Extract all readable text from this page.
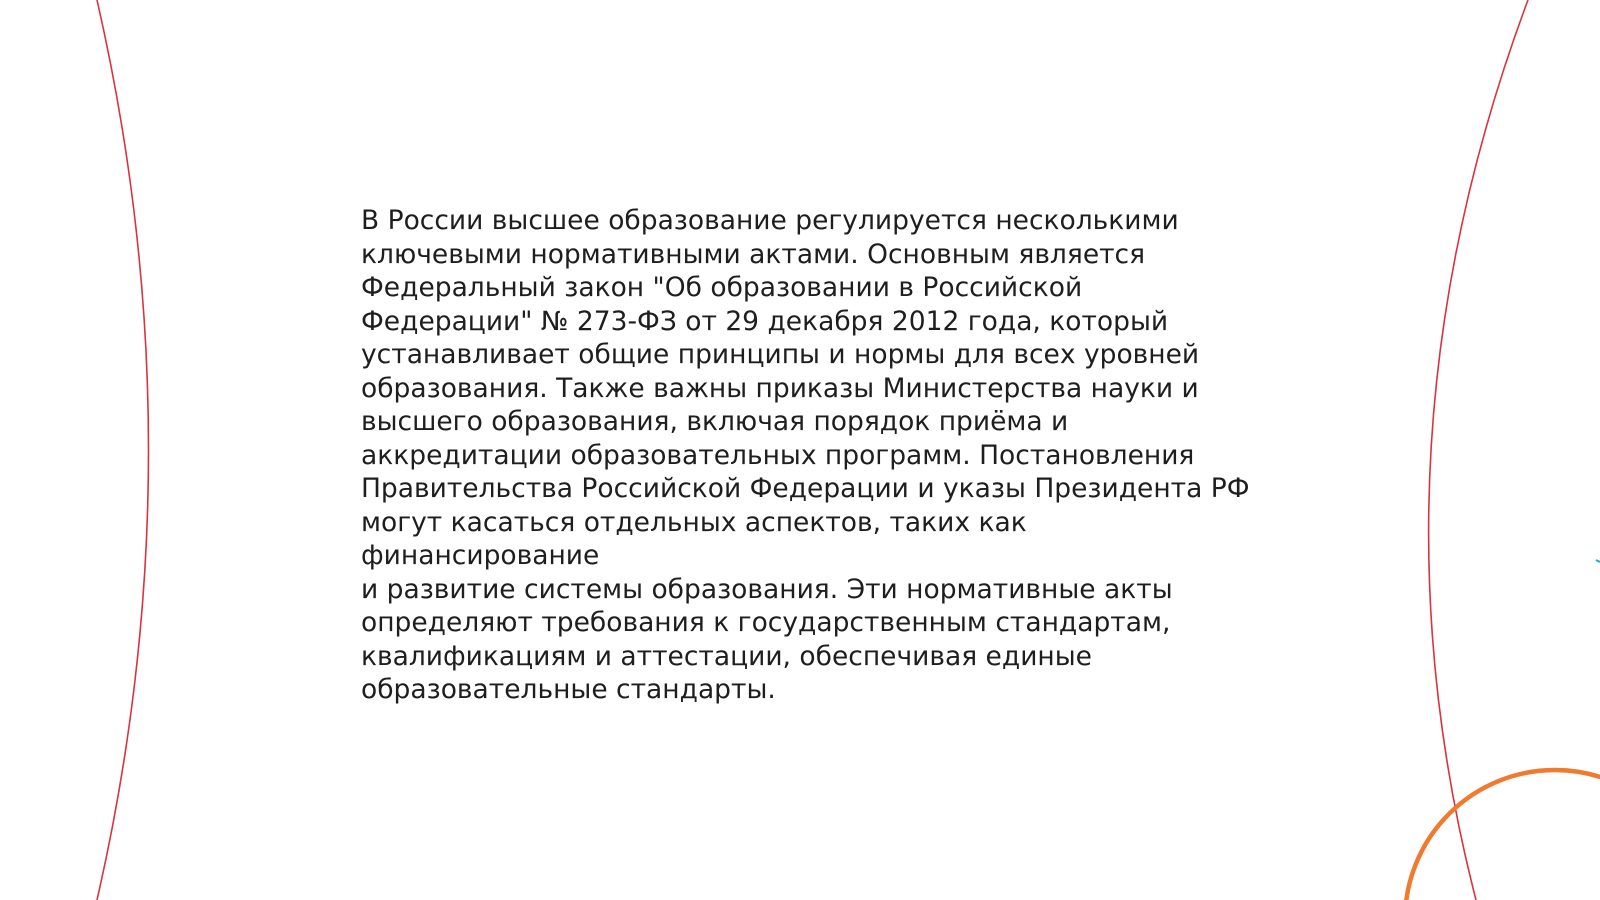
В России высшее образование регулируется несколькими
ключевыми нормативными актами. Основным является
Федеральный закон "Об образовании в Российской
Федерации" № 273-ФЗ от 29 декабря 2012 года, который
устанавливает общие принципы и нормы для всех уровней
образования. Также важны приказы Министерства науки и
высшего образования, включая порядок приёма и
аккредитации образовательных программ. Постановления
Правительства Российской Федерации и указы Президента РФ
могут касаться отдельных аспектов, таких как финансирование
и развитие системы образования. Эти нормативные акты
определяют требования к государственным стандартам,
квалификациям и аттестации, обеспечивая единые
образовательные стандарты.
